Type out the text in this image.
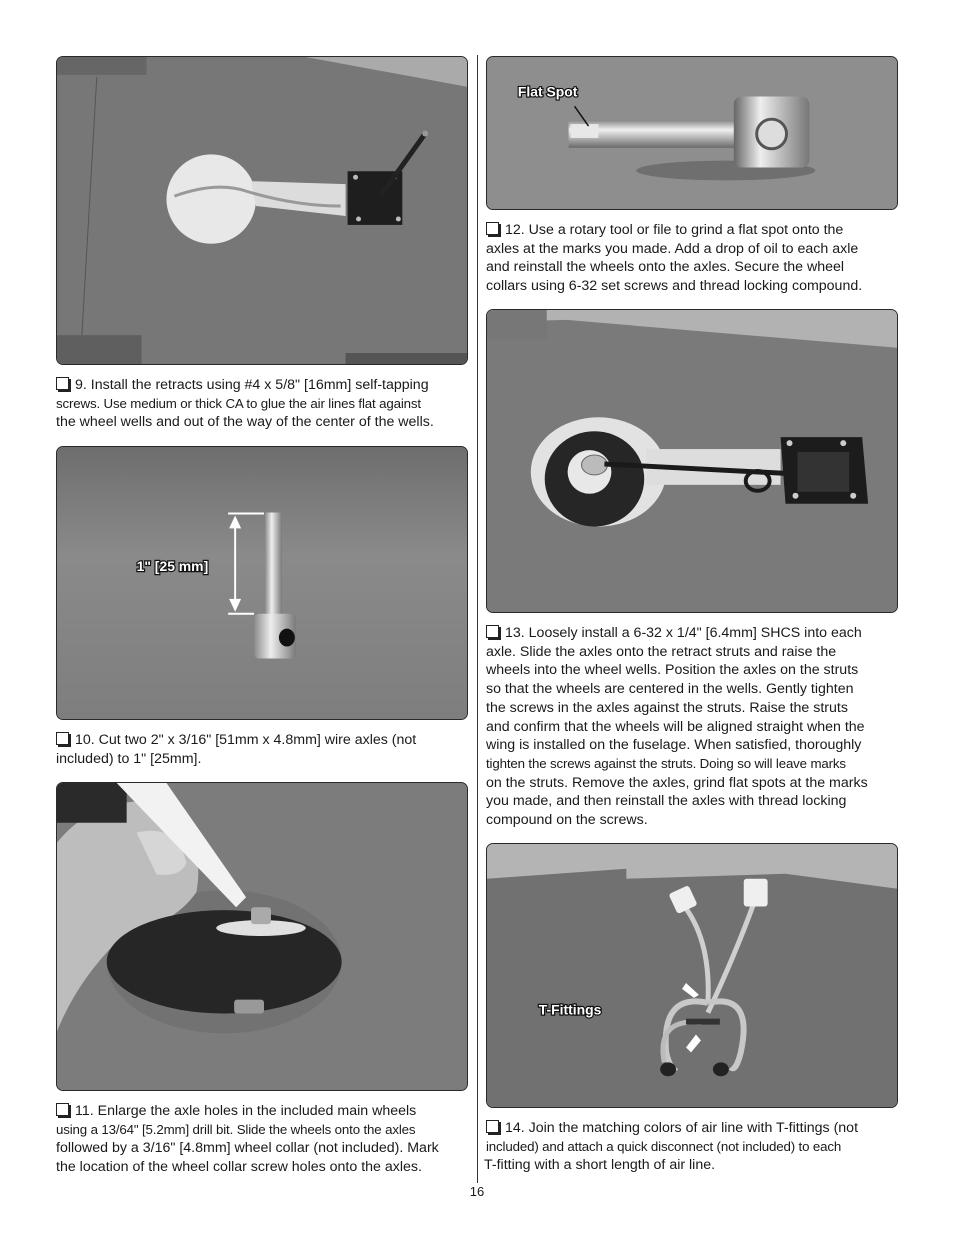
9. Install the retracts using #4 x 5/8" [16mm] self-tapping
screws. Use medium or thick CA to glue the air lines flat against
the wheel wells and out of the way of the center of the wells.
1" [25 mm]
10. Cut two 2" x 3/16" [51mm x 4.8mm] wire axles (not
included) to 1" [25mm].
11. Enlarge the axle holes in the included main wheels
using a 13/64" [5.2mm] drill bit. Slide the wheels onto the axles
followed by a 3/16" [4.8mm] wheel collar (not included). Mark
the location of the wheel collar screw holes onto the axles.
Flat Spot
12. Use a rotary tool or file to grind a flat spot onto the
axles at the marks you made. Add a drop of oil to each axle
and reinstall the wheels onto the axles. Secure the wheel
collars using 6-32 set screws and thread locking compound.
13. Loosely install a 6-32 x 1/4" [6.4mm] SHCS into each
axle. Slide the axles onto the retract struts and raise the
wheels into the wheel wells. Position the axles on the struts
so that the wheels are centered in the wells. Gently tighten
the screws in the axles against the struts. Raise the struts
and confirm that the wheels will be aligned straight when the
wing is installed on the fuselage. When satisfied, thoroughly
tighten the screws against the struts. Doing so will leave marks
on the struts. Remove the axles, grind flat spots at the marks
you made, and then reinstall the axles with thread locking
compound on the screws.
T-Fittings
14. Join the matching colors of air line with T-fittings (not
included) and attach a quick disconnect (not included) to each
T-fitting with a short length of air line.
16
